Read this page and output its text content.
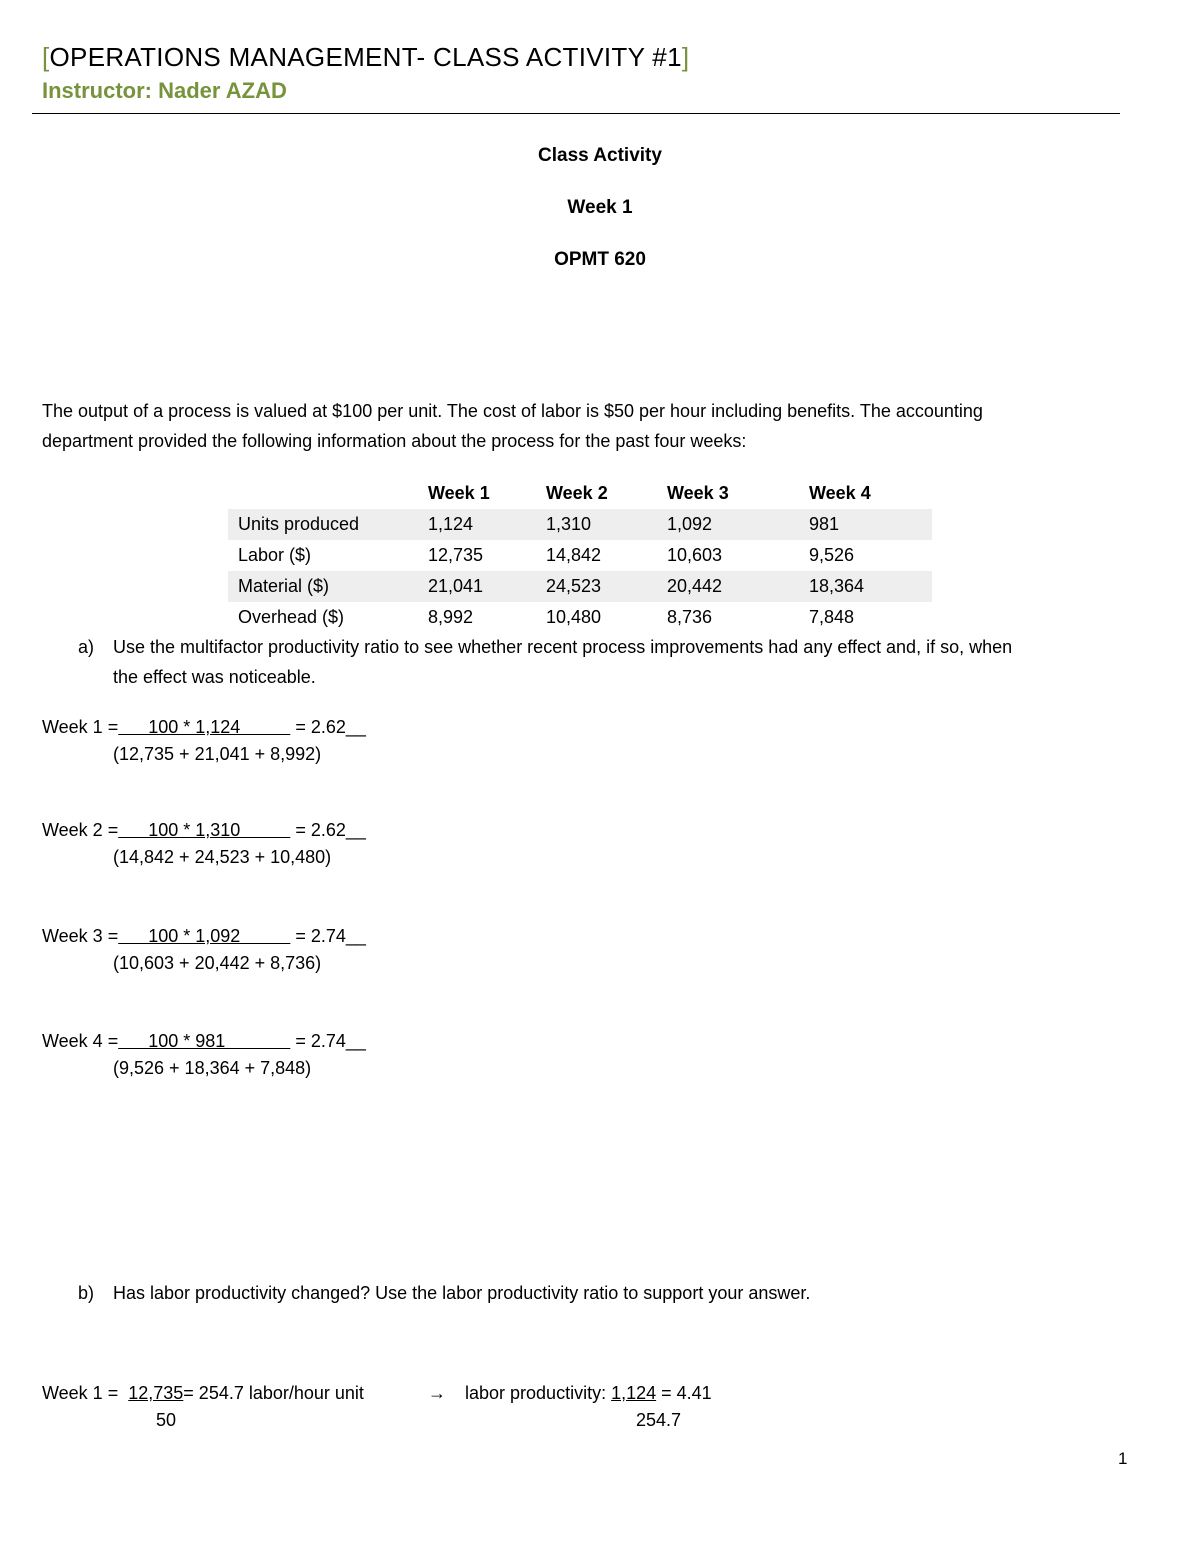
[OPERATIONS MANAGEMENT- CLASS ACTIVITY #1]
Instructor: Nader AZAD
Class Activity
Week 1
OPMT 620
The output of a process is valued at $100 per unit. The cost of labor is $50 per hour including benefits. The accounting
department provided the following information about the process for the past four weeks:
	Week 1	Week 2	Week 3	Week 4
Units produced	1,124	1,310	1,092	981
Labor ($)	12,735	14,842	10,603	9,526
Material ($)	21,041	24,523	20,442	18,364
Overhead ($)	8,992	10,480	8,736	7,848
a) Use the multifactor productivity ratio to see whether recent process improvements had any effect and, if so, when
the effect was noticeable.
Week 1 =      100 * 1,124           = 2.62__
(12,735 + 21,041 + 8,992)
Week 2 =      100 * 1,310           = 2.62__
(14,842 + 24,523 + 10,480)
Week 3 =      100 * 1,092           = 2.74__
(10,603 + 20,442 + 8,736)
Week 4 =      100 * 981              = 2.74__
(9,526 + 18,364 + 7,848)
b) Has labor productivity changed? Use the labor productivity ratio to support your answer.
Week 1 = 12,735= 254.7 labor/hour unit
50
→ labor productivity: 1,124 = 4.41
254.7
1
